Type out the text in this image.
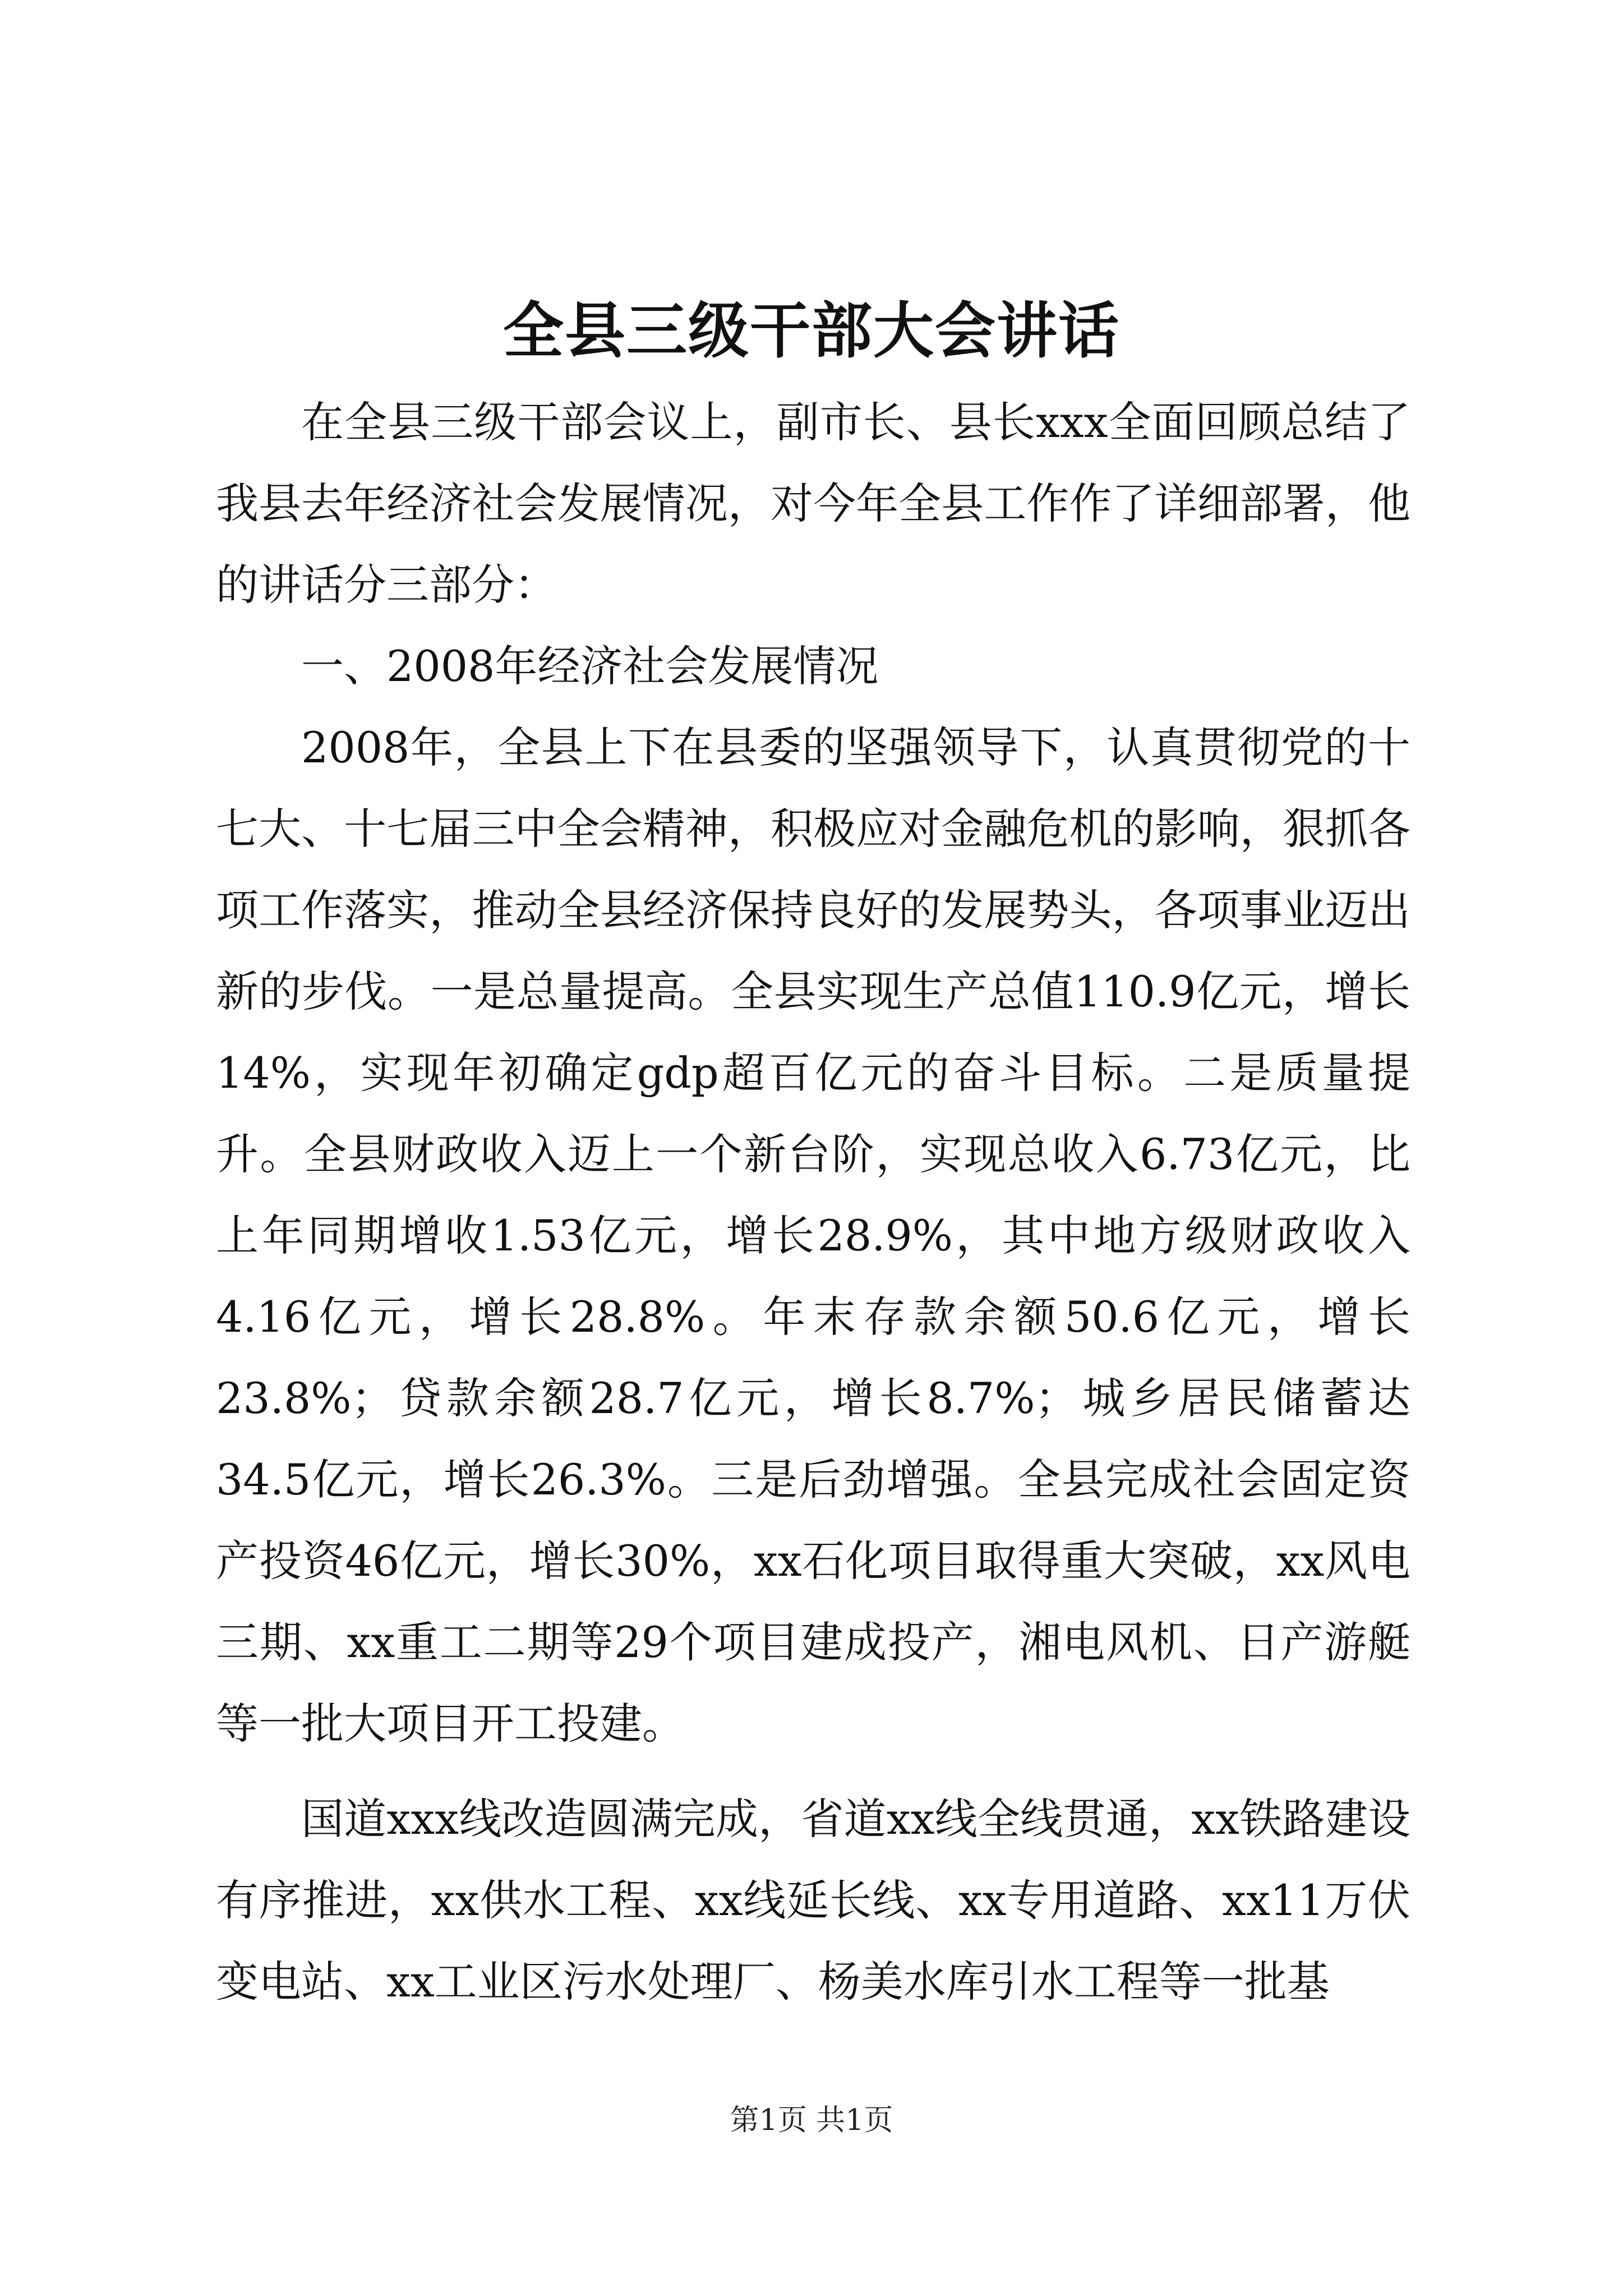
全县三级干部大会讲话

在全县三级干部会议上，副市长、县长xxx全面回顾总结了我县去年经济社会发展情况，对今年全县工作作了详细部署，他的讲话分三部分：

一、2008年经济社会发展情况

2008年，全县上下在县委的坚强领导下，认真贯彻党的十七大、十七届三中全会精神，积极应对金融危机的影响，狠抓各项工作落实，推动全县经济保持良好的发展势头，各项事业迈出新的步伐。一是总量提高。全县实现生产总值110.9亿元，增长14%，实现年初确定gdp超百亿元的奋斗目标。二是质量提升。全县财政收入迈上一个新台阶，实现总收入6.73亿元，比上年同期增收1.53亿元，增长28.9%，其中地方级财政收入4.16亿元，增长28.8%。年末存款余额50.6亿元，增长23.8%；贷款余额28.7亿元，增长8.7%；城乡居民储蓄达34.5亿元，增长26.3%。三是后劲增强。全县完成社会固定资产投资46亿元，增长30%，xx石化项目取得重大突破，xx风电三期、xx重工二期等29个项目建成投产，湘电风机、日产游艇等一批大项目开工投建。

国道xxx线改造圆满完成，省道xx线全线贯通，xx铁路建设有序推进，xx供水工程、xx线延长线、xx专用道路、xx11万伏变电站、xx工业区污水处理厂、杨美水库引水工程等一批基

第1页 共1页
